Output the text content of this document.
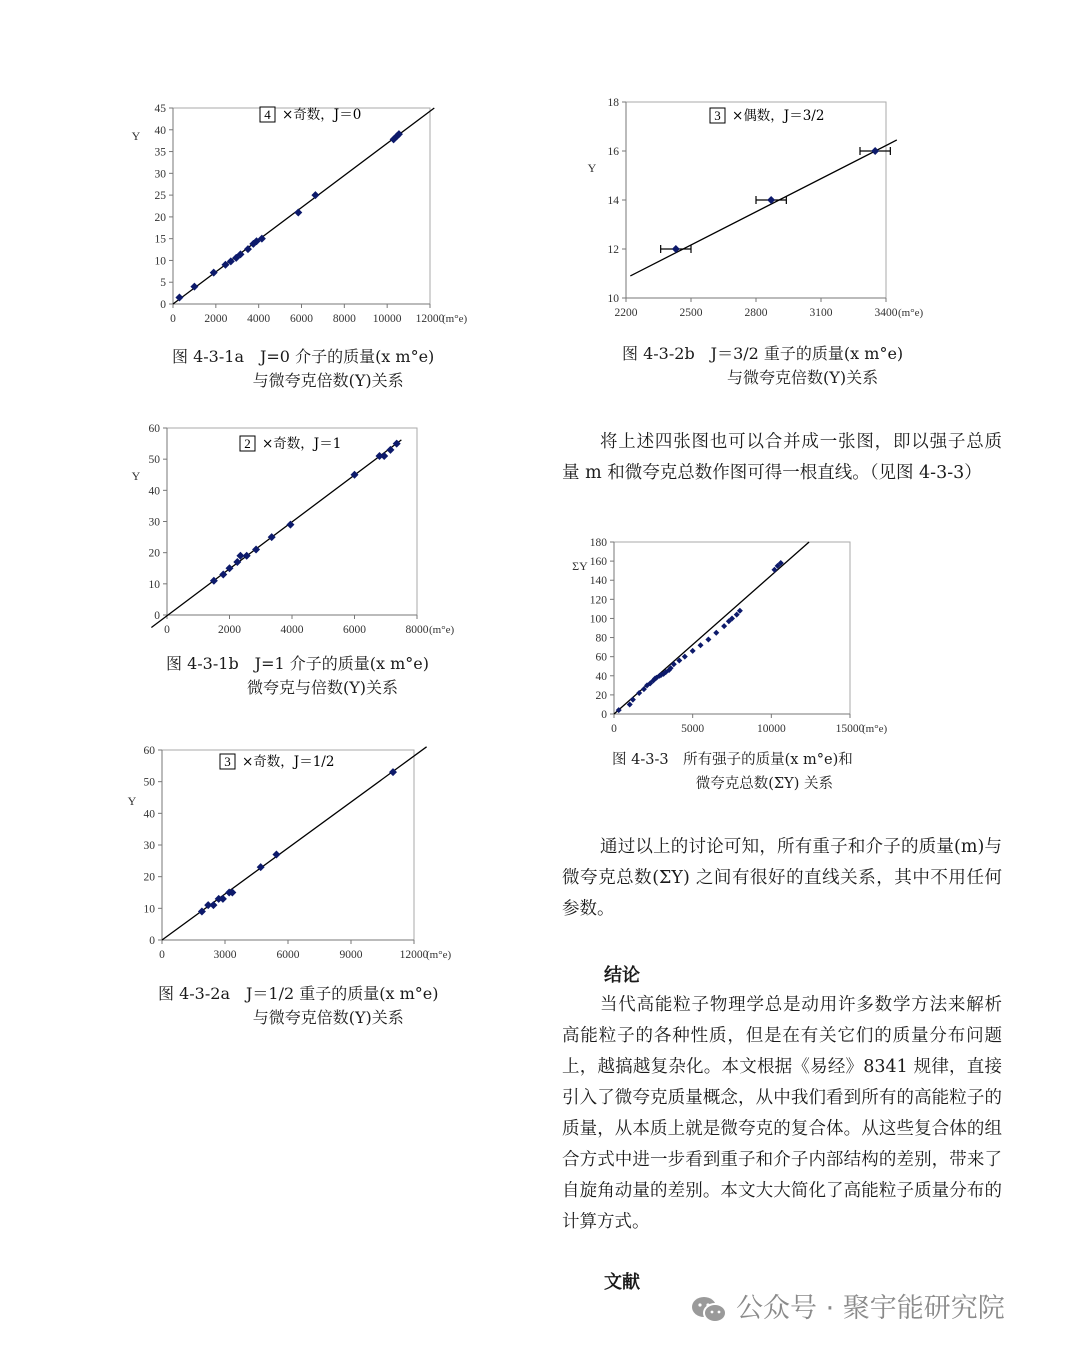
0
5
10
15
20
25
30
35
40
45
0 2000 4000 6000 8000 10000 12000
(m°e)
Y
4 ×奇数，J＝0
图 4-3-1a　J=0 介子的质量(x m°e)
与微夸克倍数(Y)关系
0
10
20
30
40
50
60
0	2000	4000	6000	8000 (m°e)
Y
2 ×奇数，J＝1
图 4-3-1b　J=1 介子的质量(x m°e)
微夸克与倍数(Y)关系
0
10
20
30
40
50
60
0	3000	6000	9000	12000
(m°e)
Y
3 ×奇数，J＝1/2
图 4-3-2a　J＝1/2 重子的质量(x m°e)
与微夸克倍数(Y)关系
10
12
14
16
18
2200	2500	2800	3100	3400 (m°e)
Y
3 ×偶数，J＝3/2
图 4-3-2b　J＝3/2 重子的质量(x m°e)
与微夸克倍数(Y)关系

将上述四张图也可以合并成一张图，即以强子总质量 m 和微夸克总数作图可得一根直线。（见图 4-3-3）

0
20
40
60
80
100
120
140
160
180
0	5000	10000	15000
(m°e)
ΣY
图 4-3-3　所有强子的质量(x m°e)和
微夸克总数(ΣY) 关系

通过以上的讨论可知，所有重子和介子的质量(m)与微夸克总数(ΣY) 之间有很好的直线关系，其中不用任何参数。

结论

当代高能粒子物理学总是动用许多数学方法来解析高能粒子的各种性质，但是在有关它们的质量分布问题上，越搞越复杂化。本文根据《易经》8341 规律，直接引入了微夸克质量概念，从中我们看到所有的高能粒子的质量，从本质上就是微夸克的复合体。从这些复合体的组合方式中进一步看到重子和介子内部结构的差别，带来了自旋角动量的差别。本文大大简化了高能粒子质量分布的计算方式。

文献
公众号 · 聚宇能研究院
